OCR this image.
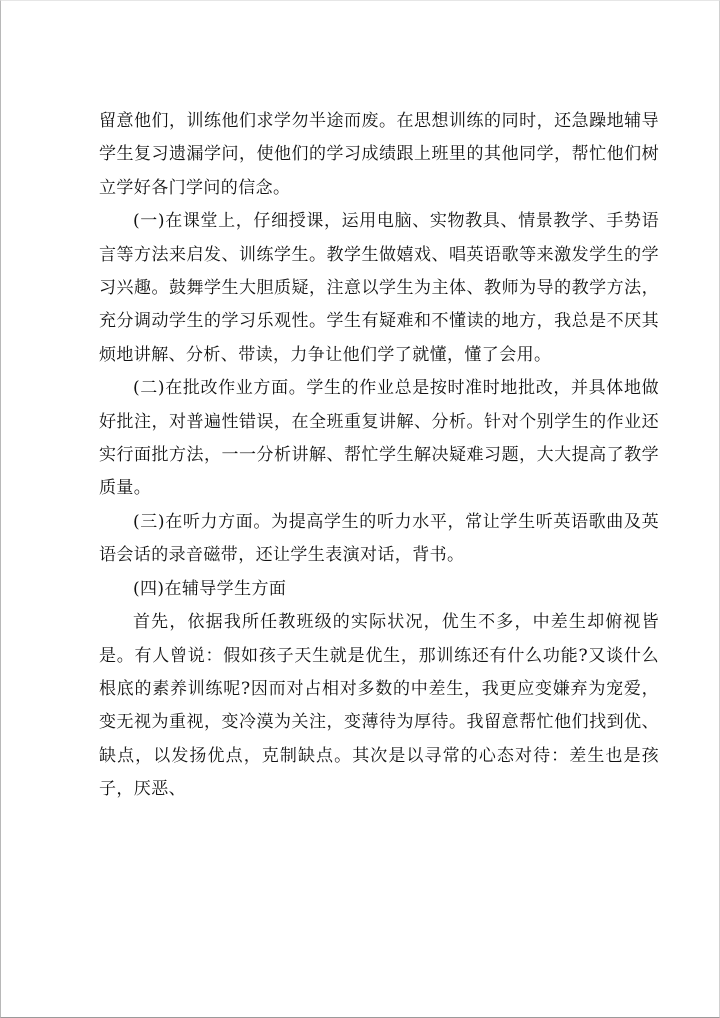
留意他们，训练他们求学勿半途而废。在思想训练的同时，还急躁地辅导学生复习遗漏学问，使他们的学习成绩跟上班里的其他同学，帮忙他们树立学好各门学问的信念。

(一)在课堂上，仔细授课，运用电脑、实物教具、情景教学、手势语言等方法来启发、训练学生。教学生做嬉戏、唱英语歌等来激发学生的学习兴趣。鼓舞学生大胆质疑，注意以学生为主体、教师为导的教学方法，充分调动学生的学习乐观性。学生有疑难和不懂读的地方，我总是不厌其烦地讲解、分析、带读，力争让他们学了就懂，懂了会用。

(二)在批改作业方面。学生的作业总是按时准时地批改，并具体地做好批注，对普遍性错误，在全班重复讲解、分析。针对个别学生的作业还实行面批方法，一一分析讲解、帮忙学生解决疑难习题，大大提高了教学质量。

(三)在听力方面。为提高学生的听力水平，常让学生听英语歌曲及英语会话的录音磁带，还让学生表演对话，背书。

(四)在辅导学生方面

首先，依据我所任教班级的实际状况，优生不多，中差生却俯视皆是。有人曾说：假如孩子天生就是优生，那训练还有什么功能?又谈什么根底的素养训练呢?因而对占相对多数的中差生，我更应变嫌弃为宠爱，变无视为重视，变冷漠为关注，变薄待为厚待。我留意帮忙他们找到优、缺点，以发扬优点，克制缺点。其次是以寻常的心态对待：差生也是孩子，厌恶、
